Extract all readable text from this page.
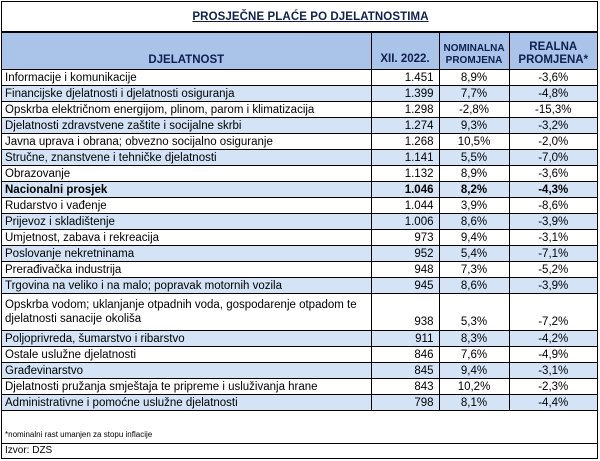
PROSJEČNE PLAĆE PO DJELATNOSTIMA
DJELATNOST	XII. 2022.	NOMINALNA PROMJENA	REALNA PROMJENA*
Informacije i komunikacije	1.451	8,9%	-3,6%
Financijske djelatnosti i djelatnosti osiguranja	1.399	7,7%	-4,8%
Opskrba električnom energijom, plinom, parom i klimatizacija	1.298	-2,8%	-15,3%
Djelatnosti zdravstvene zaštite i socijalne skrbi	1.274	9,3%	-3,2%
Javna uprava i obrana; obvezno socijalno osiguranje	1.268	10,5%	-2,0%
Stručne, znanstvene i tehničke djelatnosti	1.141	5,5%	-7,0%
Obrazovanje	1.132	8,9%	-3,6%
Nacionalni prosjek	1.046	8,2%	-4,3%
Rudarstvo i vađenje	1.044	3,9%	-8,6%
Prijevoz i skladištenje	1.006	8,6%	-3,9%
Umjetnost, zabava i rekreacija	973	9,4%	-3,1%
Poslovanje nekretninama	952	5,4%	-7,1%
Prerađivačka industrija	948	7,3%	-5,2%
Trgovina na veliko i na malo; popravak motornih vozila	945	8,6%	-3,9%
Opskrba vodom; uklanjanje otpadnih voda, gospodarenje otpadom te djelatnosti sanacije okoliša	938	5,3%	-7,2%
Poljoprivreda, šumarstvo i ribarstvo	911	8,3%	-4,2%
Ostale uslužne djelatnosti	846	7,6%	-4,9%
Građevinarstvo	845	9,4%	-3,1%
Djelatnosti pružanja smještaja te pripreme i usluživanja hrane	843	10,2%	-2,3%
Administrativne i pomoćne uslužne djelatnosti	798	8,1%	-4,4%
*nominalni rast umanjen za stopu inflacije
Izvor: DZS
